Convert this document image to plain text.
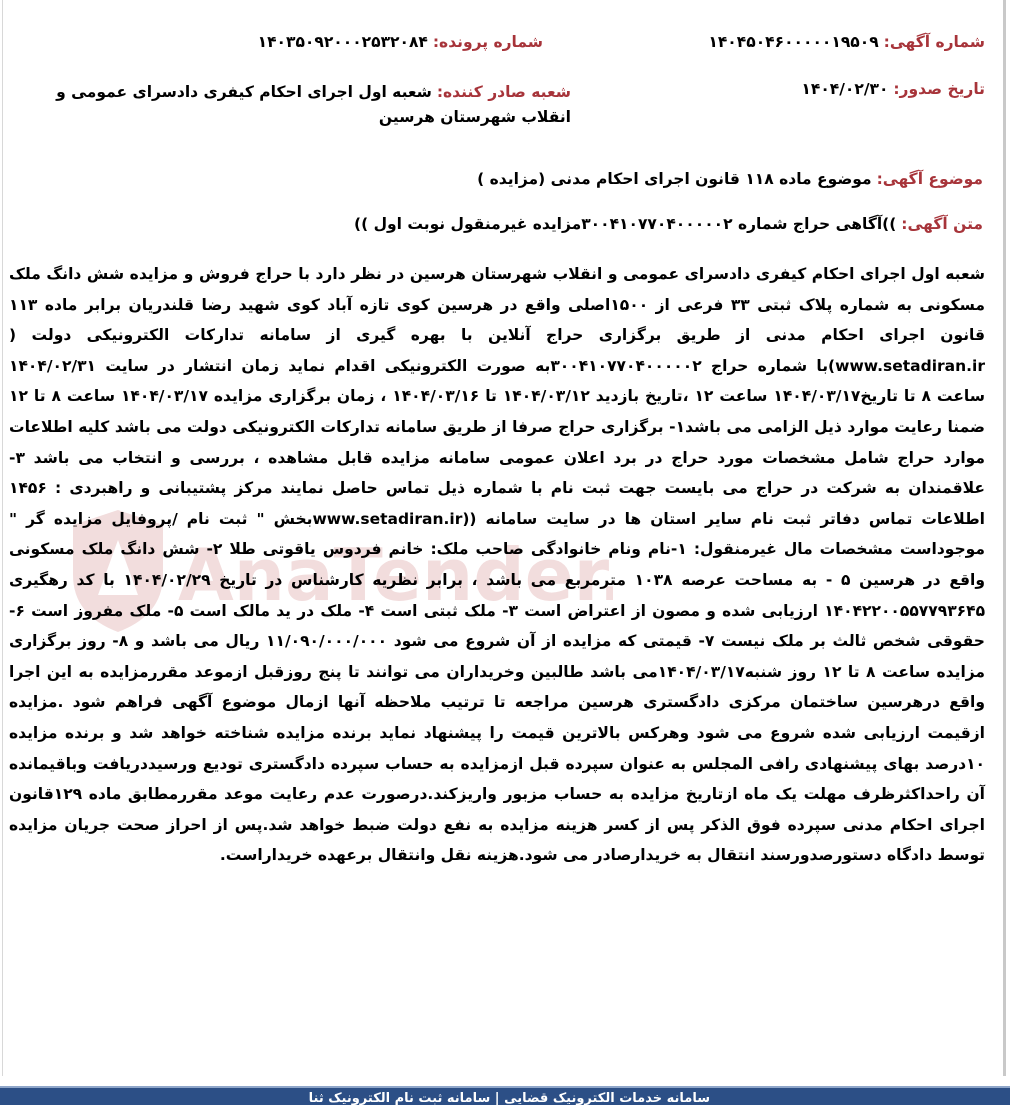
AnaTender
شماره آگهی: ۱۴۰۴۵۰۴۶۰۰۰۰۰۱۹۵۰۹
شماره پرونده: ۱۴۰۳۵۰۹۲۰۰۰۲۵۳۲۰۸۴
تاریخ صدور: ۱۴۰۴/۰۲/۳۰
شعبه صادر کننده: شعبه اول اجرای احکام کیفری دادسرای عمومی و انقلاب شهرستان هرسین
موضوع آگهی: موضوع ماده ۱۱۸ قانون اجرای احکام مدنی (مزایده )
متن آگهی: ))آگاهی حراج شماره ۳۰۰۴۱۰۷۷۰۴۰۰۰۰۰۲مزایده غیرمنقول نوبت اول ))

شعبه اول اجرای احکام کیفری دادسرای عمومی و انقلاب شهرستان هرسین در نظر دارد با حراج فروش و مزایده شش دانگ ملک مسکونی به شماره پلاک ثبتی ۳۳ فرعی از ۱۵۰۰اصلی واقع در هرسین کوی تازه آباد کوی شهید رضا قلندریان برابر ماده ۱۱۳ قانون اجرای احکام مدنی از طریق برگزاری حراج آنلاین با بهره گیری از سامانه تدارکات الکترونیکی دولت ( www.setadiran.ir)با شماره حراج ۳۰۰۴۱۰۷۷۰۴۰۰۰۰۰۲به صورت الکترونیکی اقدام نماید زمان انتشار در سایت ۱۴۰۴/۰۲/۳۱ ساعت ۸ تا تاریخ۱۴۰۴/۰۳/۱۷ ساعت ۱۲ ،تاریخ بازدید ۱۴۰۴/۰۳/۱۲ تا ۱۴۰۴/۰۳/۱۶ ، زمان برگزاری مزایده ۱۴۰۴/۰۳/۱۷ ساعت ۸ تا ۱۲ ضمنا رعایت موارد ذیل الزامی می باشد۱- برگزاری حراج صرفا از طریق سامانه تدارکات الکترونیکی دولت می باشد کلیه اطلاعات موارد حراج شامل مشخصات مورد حراج در برد اعلان عمومی سامانه مزایده قابل مشاهده ، بررسی و انتخاب می باشد ۳- علاقمندان به شرکت در حراج می بایست جهت ثبت نام با شماره ذیل تماس حاصل نمایند مرکز پشتیبانی و راهبردی : ۱۴۵۶ اطلاعات تماس دفاتر ثبت نام سایر استان ها در سایت سامانه ((www.setadiran.irبخش " ثبت نام /پروفایل مزایده گر " موجوداست مشخصات مال غیرمنقول: ۱-نام ونام خانوادگی صاحب ملک: خانم فردوس یاقوتی طلا ۲- شش دانگ ملک مسکونی واقع در هرسین ۵ - به مساحت عرصه ۱۰۳۸ مترمربع می باشد ، برابر نظریه کارشناس در تاریخ ۱۴۰۴/۰۲/۲۹ با کد رهگیری ۱۴۰۴۲۲۰۰۵۵۷۷۹۳۶۴۵ ارزیابی شده و مصون از اعتراض است ۳- ملک ثبتی است ۴- ملک در ید مالک است ۵- ملک مفروز است ۶-حقوقی شخص ثالث بر ملک نیست ۷- قیمتی که مزایده از آن شروع می شود ۱۱/۰۹۰/۰۰۰/۰۰۰ ریال می باشد و ۸- روز برگزاری مزایده ساعت ۸ تا ۱۲ روز شنبه۱۴۰۴/۰۳/۱۷می باشد طالبین وخریداران می توانند تا پنج روزقبل ازموعد مقررمزایده به این اجرا واقع درهرسین ساختمان مرکزی دادگستری هرسین مراجعه تا ترتیب ملاحظه آنها ازمال موضوع آگهی فراهم شود .مزایده ازقیمت ارزیابی شده شروع می شود وهرکس بالاترین قیمت را پیشنهاد نماید برنده مزایده شناخته خواهد شد و برنده مزایده ۱۰درصد بهای پیشنهادی رافی المجلس به عنوان سپرده قبل ازمزایده به حساب سپرده دادگستری تودیع ورسیددریافت وباقیمانده آن راحداکثرظرف مهلت یک ماه ازتاریخ مزایده به حساب مزبور واریزکند.درصورت عدم رعایت موعد مقررمطابق ماده ۱۲۹قانون اجرای احکام مدنی سپرده فوق الذکر پس از کسر هزینه مزایده به نفع دولت ضبط خواهد شد.پس از احراز صحت جریان مزایده توسط دادگاه دستورصدورسند انتقال به خریدارصادر می شود.هزینه نقل وانتقال برعهده خریداراست.

سامانه خدمات الکترونیک قضایی | سامانه ثبت نام الکترونیک ثنا
